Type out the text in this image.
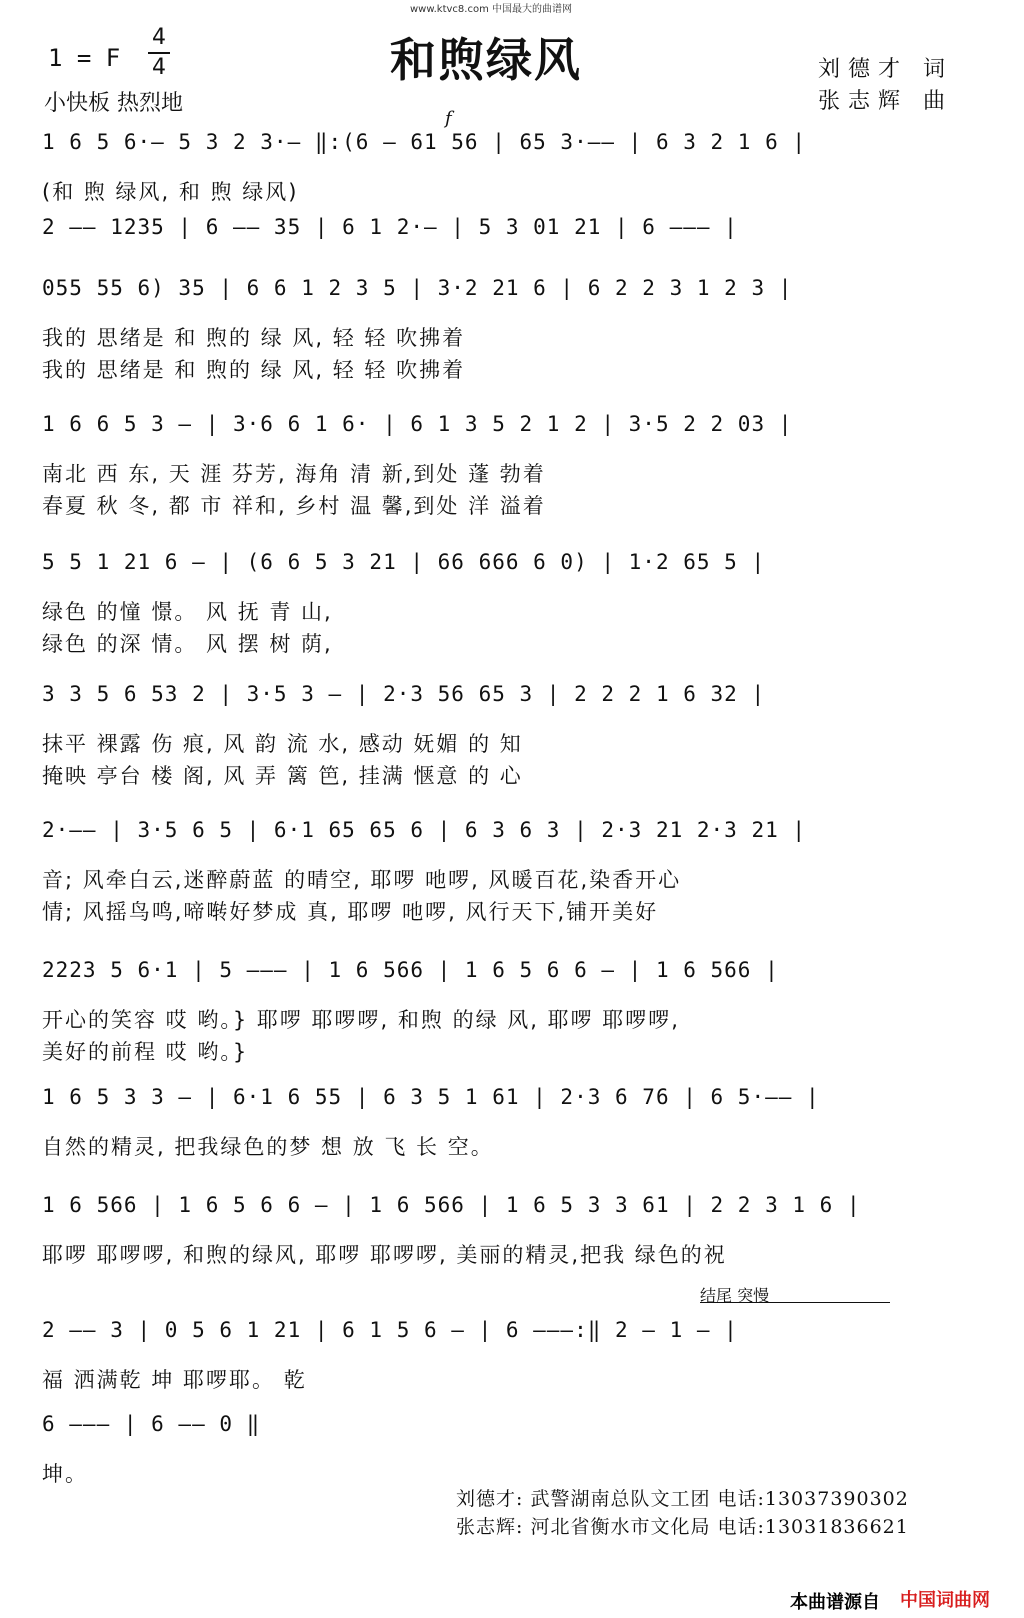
www.ktvc8.com 中国最大的曲谱网
1 = F
4
4
小快板 热烈地
和煦绿风	刘德才 词
张志辉 曲
f
1 6 5 6·— 5 3 2 3·— ‖:(6 — 61 56 | 65 3·—— | 6 3 2 1 6 |
(和 煦 绿风, 和 煦 绿风)
2 —— 1235 | 6 —— 35 | 6 1 2·— | 5 3 01 21 | 6 ——— |
055 55 6) 35 | 6 6 1 2 3 5 | 3·2 21 6 | 6 2 2 3 1 2 3 |
我的 思绪是 和 煦的 绿 风, 轻 轻 吹拂着
我的 思绪是 和 煦的 绿 风, 轻 轻 吹拂着
1 6 6 5 3 — | 3·6 6 1 6· | 6 1 3 5 2 1 2 | 3·5 2 2 03 |
南北 西 东, 天 涯 芬芳, 海角 清 新,到处 蓬 勃着
春夏 秋 冬, 都 市 祥和, 乡村 温 馨,到处 洋 溢着
5 5 1 21 6 — | (6 6 5 3 21 | 66 666 6 0) | 1·2 65 5 |
绿色 的憧 憬。 风 抚 青 山,
绿色 的深 情。 风 摆 树 荫,
3 3 5 6 53 2 | 3·5 3 — | 2·3 56 65 3 | 2 2 2 1 6 32 |
抹平 裸露 伤 痕, 风 韵 流 水, 感动 妩媚 的 知
掩映 亭台 楼 阁, 风 弄 篱 笆, 挂满 惬意 的 心
2·—— | 3·5 6 5 | 6·1 65 65 6 | 6 3 6 3 | 2·3 21 2·3 21 |
音; 风牵白云,迷醉蔚蓝 的晴空, 耶啰 吔啰, 风暖百花,染香开心
情; 风摇鸟鸣,啼啭好梦成 真, 耶啰 吔啰, 风行天下,铺开美好
2223 5 6·1 | 5 ——— | 1 6 566 | 1 6 5 6 6 — | 1 6 566 |
开心的笑容 哎 哟。} 耶啰 耶啰啰, 和煦 的绿 风, 耶啰 耶啰啰,
美好的前程 哎 哟。}
1 6 5 3 3 — | 6·1 6 55 | 6 3 5 1 61 | 2·3 6 76 | 6 5·—— |
自然的精灵, 把我绿色的梦 想 放 飞 长 空。
1 6 566 | 1 6 5 6 6 — | 1 6 566 | 1 6 5 3 3 61 | 2 2 3 1 6 |
耶啰 耶啰啰, 和煦的绿风, 耶啰 耶啰啰, 美丽的精灵,把我 绿色的祝
2 —— 3 | 0 5 6 1 21 | 6 1 5 6 — | 6 ———:‖ 2 — 1 — |
福 洒满乾 坤 耶啰耶。 乾
6 ——— | 6 —— 0 ‖
坤。
结尾 突慢
刘德才: 武警湖南总队文工团 电话:13037390302
张志辉: 河北省衡水市文化局 电话:13031836621
本曲谱源自 中国词曲网
